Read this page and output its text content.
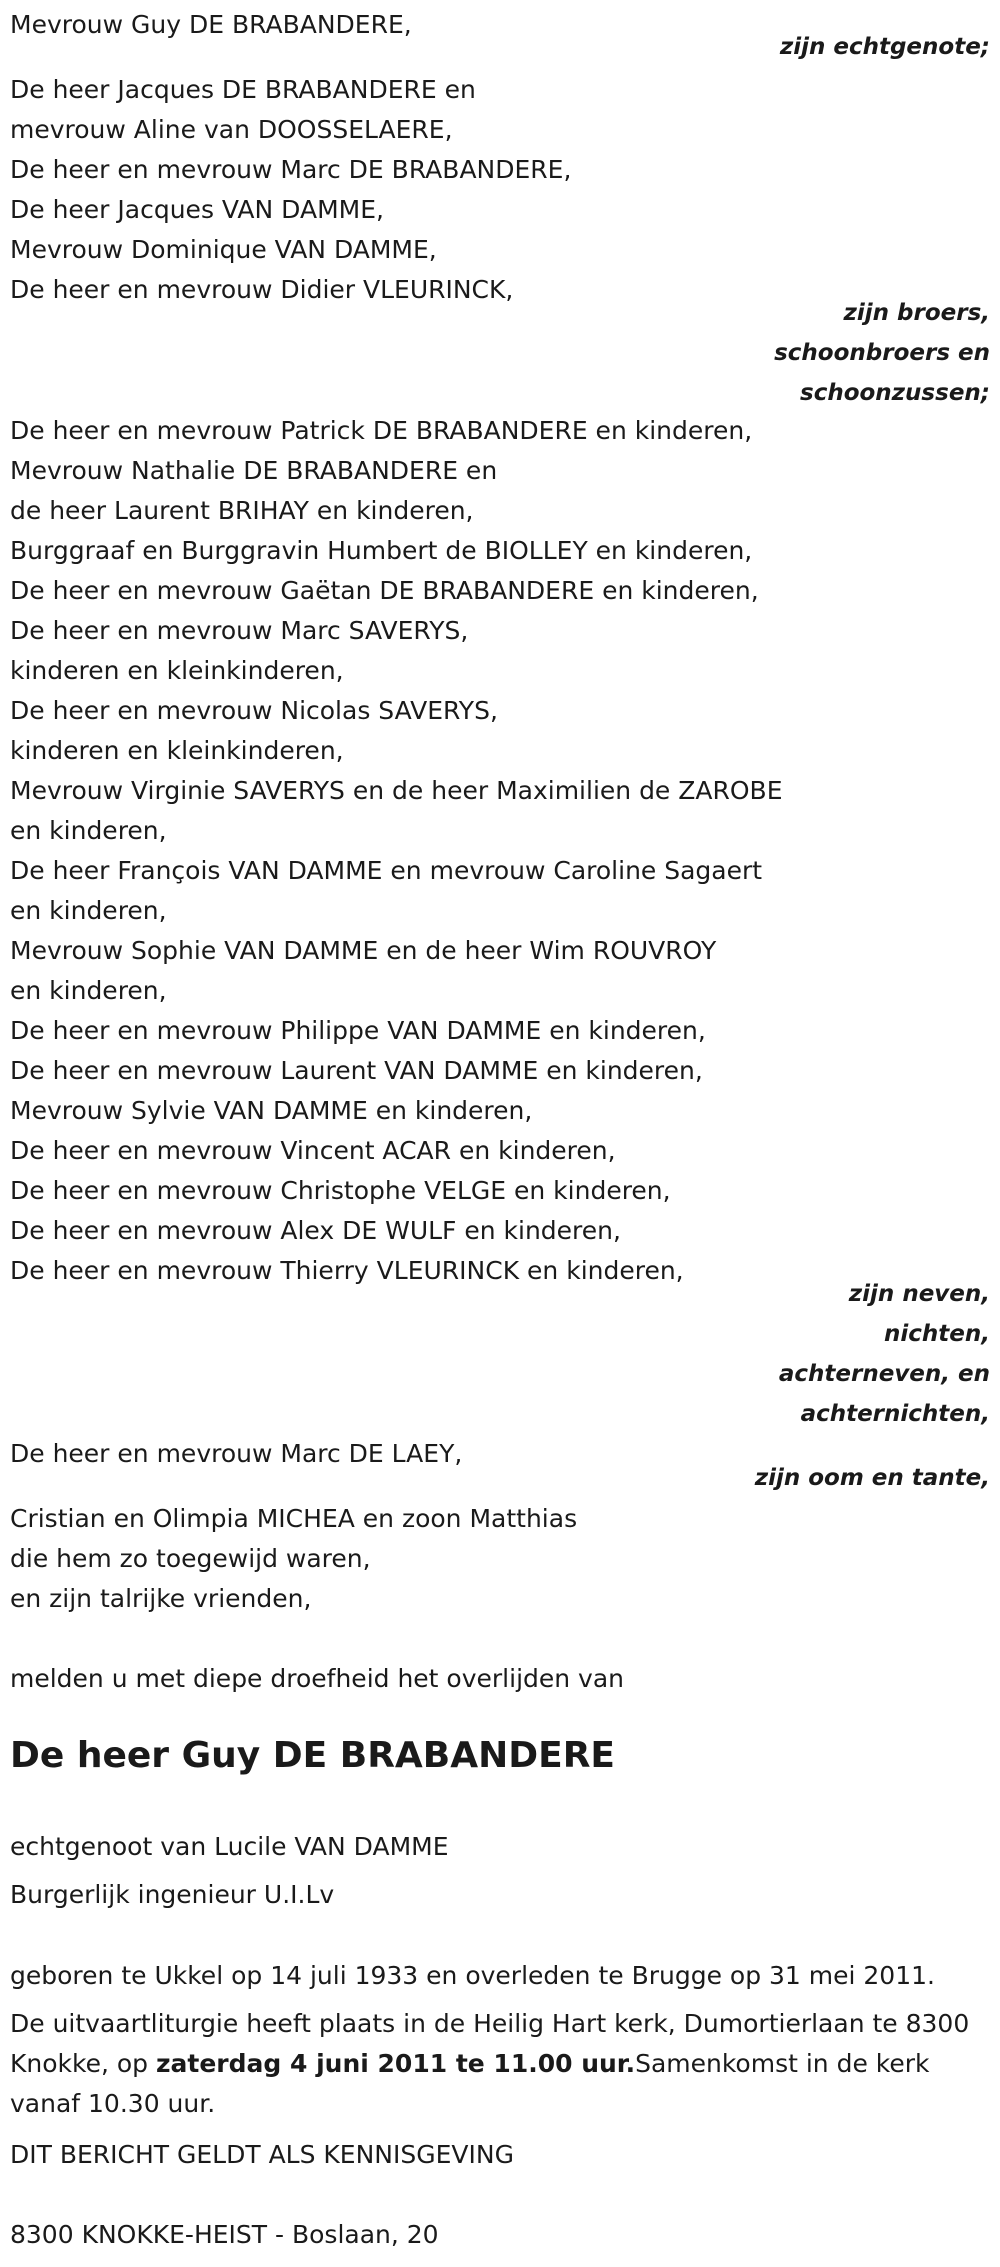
Mevrouw Guy DE BRABANDERE,
zijn echtgenote;
De heer Jacques DE BRABANDERE en
mevrouw Aline van DOOSSELAERE,
De heer en mevrouw Marc DE BRABANDERE,
De heer Jacques VAN DAMME,
Mevrouw Dominique VAN DAMME,
De heer en mevrouw Didier VLEURINCK,
zijn broers,
schoonbroers en
schoonzussen;
De heer en mevrouw Patrick DE BRABANDERE en kinderen,
Mevrouw Nathalie DE BRABANDERE en
de heer Laurent BRIHAY en kinderen,
Burggraaf en Burggravin Humbert de BIOLLEY en kinderen,
De heer en mevrouw Gaëtan DE BRABANDERE en kinderen,
De heer en mevrouw Marc SAVERYS,
kinderen en kleinkinderen,
De heer en mevrouw Nicolas SAVERYS,
kinderen en kleinkinderen,
Mevrouw Virginie SAVERYS en de heer Maximilien de ZAROBE
en kinderen,
De heer François VAN DAMME en mevrouw Caroline Sagaert
en kinderen,
Mevrouw Sophie VAN DAMME en de heer Wim ROUVROY
en kinderen,
De heer en mevrouw Philippe VAN DAMME en kinderen,
De heer en mevrouw Laurent VAN DAMME en kinderen,
Mevrouw Sylvie VAN DAMME en kinderen,
De heer en mevrouw Vincent ACAR en kinderen,
De heer en mevrouw Christophe VELGE en kinderen,
De heer en mevrouw Alex DE WULF en kinderen,
De heer en mevrouw Thierry VLEURINCK en kinderen,
zijn neven,
nichten,
achterneven, en
achternichten,
De heer en mevrouw Marc DE LAEY,
zijn oom en tante,
Cristian en Olimpia MICHEA en zoon Matthias
die hem zo toegewijd waren,
en zijn talrijke vrienden,
melden u met diepe droefheid het overlijden van
De heer Guy DE BRABANDERE
echtgenoot van Lucile VAN DAMME
Burgerlijk ingenieur U.I.Lv
geboren te Ukkel op 14 juli 1933 en overleden te Brugge op 31 mei 2011.
De uitvaartliturgie heeft plaats in de Heilig Hart kerk, Dumortierlaan te 8300 Knokke, op zaterdag 4 juni 2011 te 11.00 uur.Samenkomst in de kerk vanaf 10.30 uur.
DIT BERICHT GELDT ALS KENNISGEVING
8300 KNOKKE-HEIST - Boslaan, 20
